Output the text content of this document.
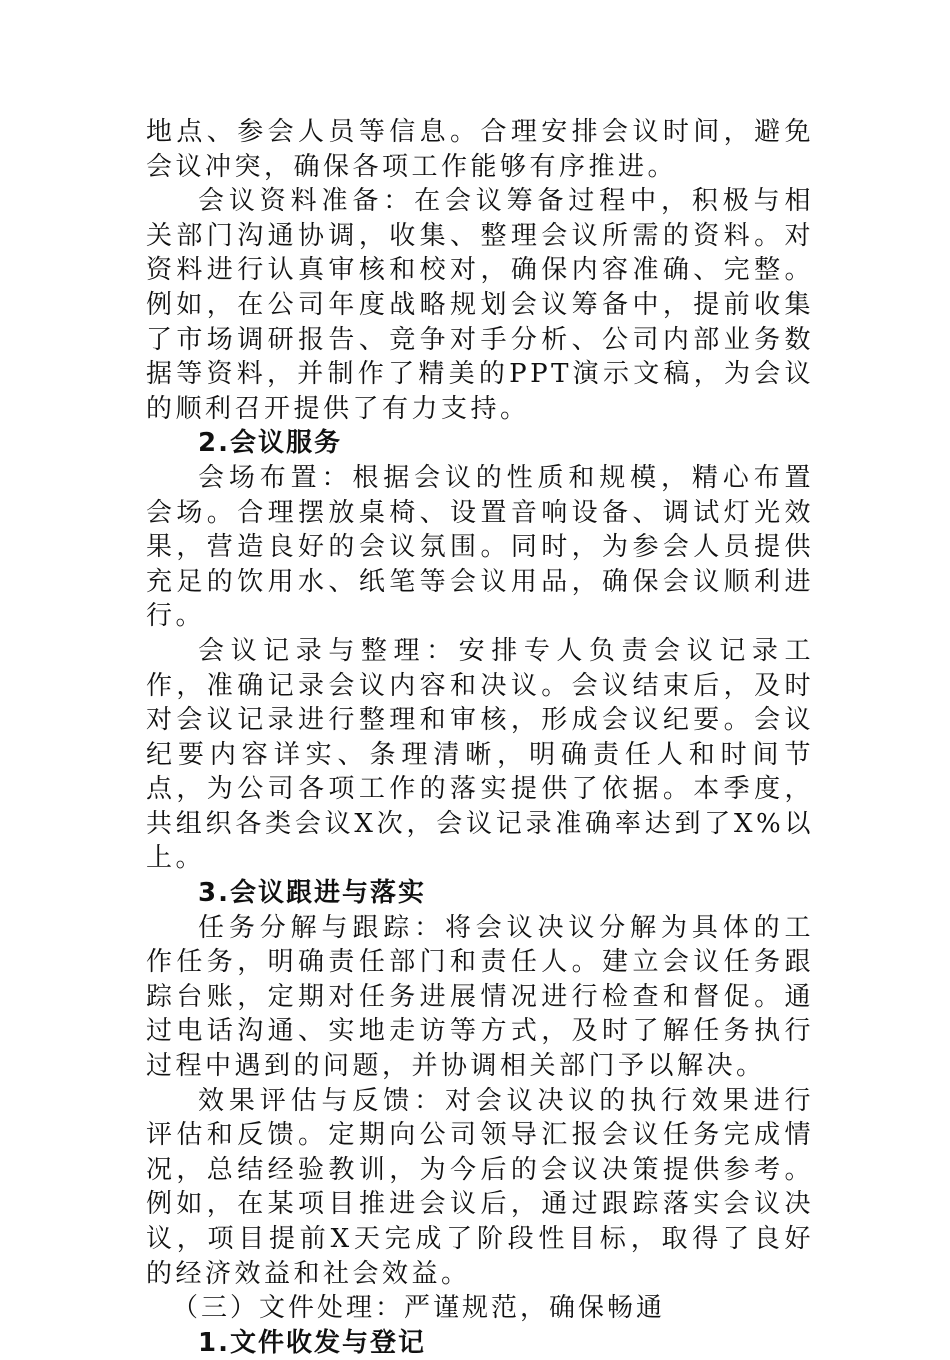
地点、参会人员等信息。合理安排会议时间，避免会议冲突，确保各项工作能够有序推进。

会议资料准备：在会议筹备过程中，积极与相关部门沟通协调，收集、整理会议所需的资料。对资料进行认真审核和校对，确保内容准确、完整。例如，在公司年度战略规划会议筹备中，提前收集了市场调研报告、竞争对手分析、公司内部业务数据等资料，并制作了精美的PPT演示文稿，为会议的顺利召开提供了有力支持。

2.会议服务

会场布置：根据会议的性质和规模，精心布置会场。合理摆放桌椅、设置音响设备、调试灯光效果，营造良好的会议氛围。同时，为参会人员提供充足的饮用水、纸笔等会议用品，确保会议顺利进行。

会议记录与整理：安排专人负责会议记录工作，准确记录会议内容和决议。会议结束后，及时对会议记录进行整理和审核，形成会议纪要。会议纪要内容详实、条理清晰，明确责任人和时间节点，为公司各项工作的落实提供了依据。本季度，共组织各类会议X次，会议记录准确率达到了X%以上。

3.会议跟进与落实

任务分解与跟踪：将会议决议分解为具体的工作任务，明确责任部门和责任人。建立会议任务跟踪台账，定期对任务进展情况进行检查和督促。通过电话沟通、实地走访等方式，及时了解任务执行过程中遇到的问题，并协调相关部门予以解决。

效果评估与反馈：对会议决议的执行效果进行评估和反馈。定期向公司领导汇报会议任务完成情况，总结经验教训，为今后的会议决策提供参考。例如，在某项目推进会议后，通过跟踪落实会议决议，项目提前X天完成了阶段性目标，取得了良好的经济效益和社会效益。

（三）文件处理：严谨规范，确保畅通

1.文件收发与登记
